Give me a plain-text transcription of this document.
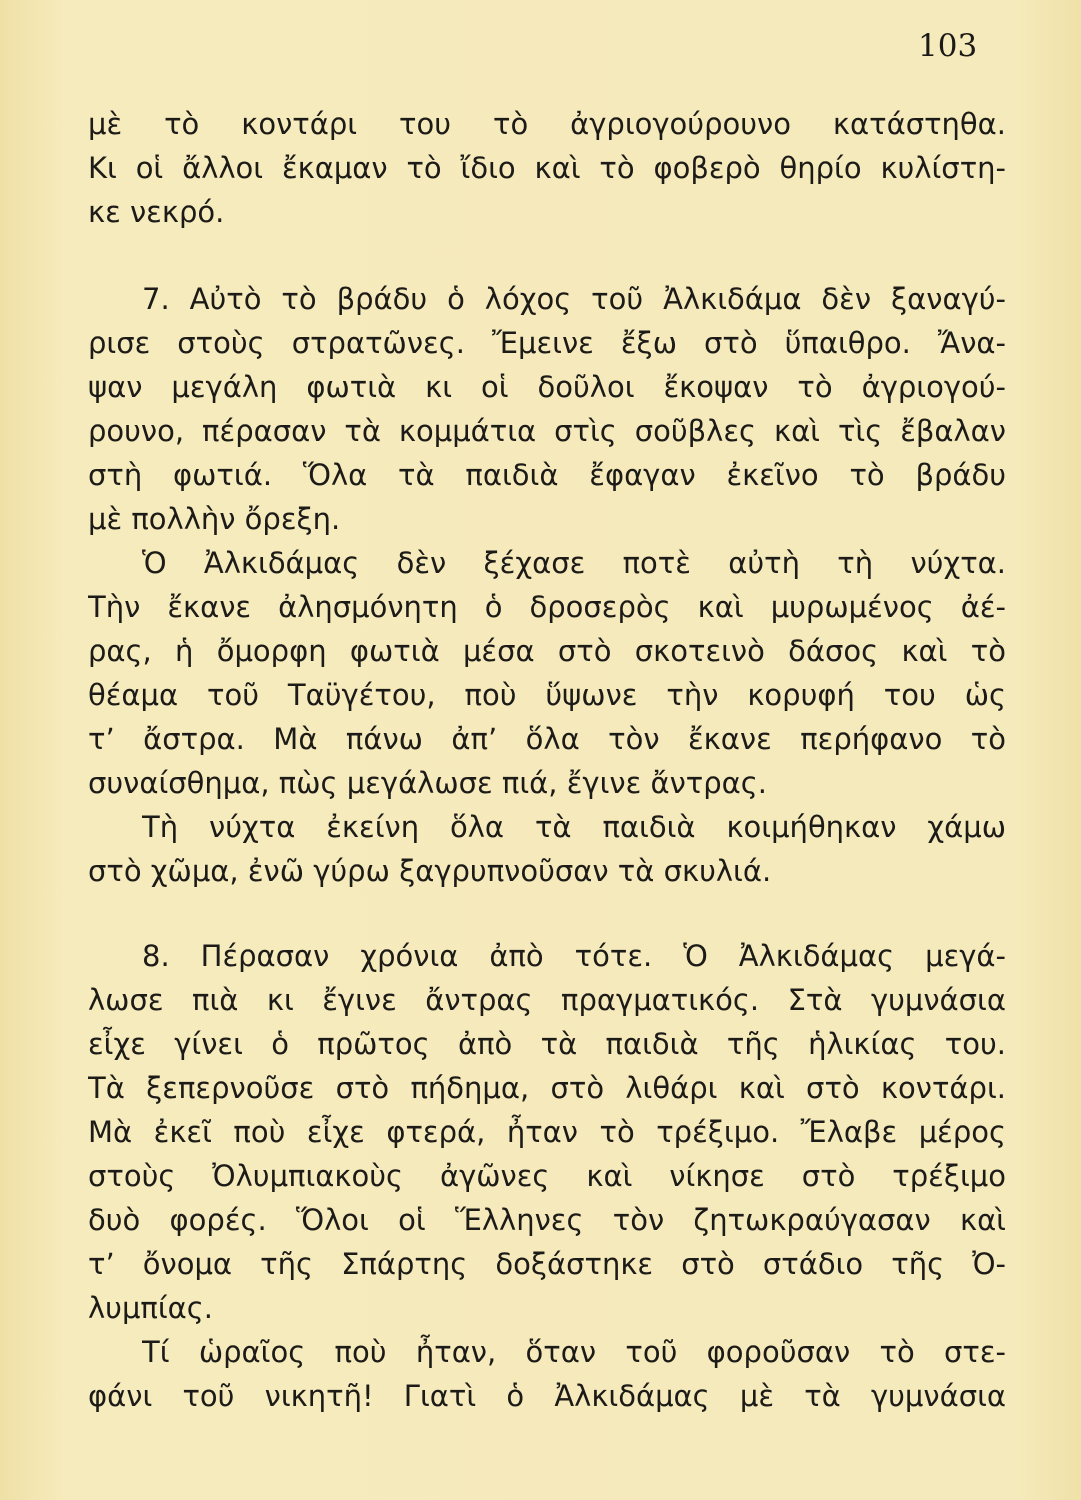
103
μὲ τὸ κοντάρι του τὸ ἀγριογούρουνο κατάστηθα.
Κι οἱ ἄλλοι ἔκαμαν τὸ ἴδιο καὶ τὸ φοβερὸ θηρίο κυλίστη-
κε νεκρό.
7. Αὐτὸ τὸ βράδυ ὁ λόχος τοῦ Ἀλκιδάμα δὲν ξαναγύ-
ρισε στοὺς στρατῶνες. Ἔμεινε ἔξω στὸ ὕπαιθρο. Ἄνα-
ψαν μεγάλη φωτιὰ κι οἱ δοῦλοι ἔκοψαν τὸ ἀγριογού-
ρουνο, πέρασαν τὰ κομμάτια στὶς σοῦβλες καὶ τὶς ἔβαλαν
στὴ φωτιά. Ὅλα τὰ παιδιὰ ἔφαγαν ἐκεῖνο τὸ βράδυ
μὲ πολλὴν ὄρεξη.
Ὁ Ἀλκιδάμας δὲν ξέχασε ποτὲ αὐτὴ τὴ νύχτα.
Τὴν ἔκανε ἀλησμόνητη ὁ δροσερὸς καὶ μυρωμένος ἀέ-
ρας, ἡ ὄμορφη φωτιὰ μέσα στὸ σκοτεινὸ δάσος καὶ τὸ
θέαμα τοῦ Ταϋγέτου, ποὺ ὕψωνε τὴν κορυφή του ὡς
τ’ ἄστρα. Μὰ πάνω ἀπ’ ὅλα τὸν ἔκανε περήφανο τὸ
συναίσθημα, πὼς μεγάλωσε πιά, ἔγινε ἄντρας.
Τὴ νύχτα ἐκείνη ὅλα τὰ παιδιὰ κοιμήθηκαν χάμω
στὸ χῶμα, ἐνῶ γύρω ξαγρυπνοῦσαν τὰ σκυλιά.
8. Πέρασαν χρόνια ἀπὸ τότε. Ὁ Ἀλκιδάμας μεγά-
λωσε πιὰ κι ἔγινε ἄντρας πραγματικός. Στὰ γυμνάσια
εἶχε γίνει ὁ πρῶτος ἀπὸ τὰ παιδιὰ τῆς ἡλικίας του.
Τὰ ξεπερνοῦσε στὸ πήδημα, στὸ λιθάρι καὶ στὸ κοντάρι.
Μὰ ἐκεῖ ποὺ εἶχε φτερά, ἦταν τὸ τρέξιμο. Ἔλαβε μέρος
στοὺς Ὀλυμπιακοὺς ἀγῶνες καὶ νίκησε στὸ τρέξιμο
δυὸ φορές. Ὅλοι οἱ Ἕλληνες τὸν ζητωκραύγασαν καὶ
τ’ ὄνομα τῆς Σπάρτης δοξάστηκε στὸ στάδιο τῆς Ὀ-
λυμπίας.
Τί ὡραῖος ποὺ ἦταν, ὅταν τοῦ φοροῦσαν τὸ στε-
φάνι τοῦ νικητῆ! Γιατὶ ὁ Ἀλκιδάμας μὲ τὰ γυμνάσια
